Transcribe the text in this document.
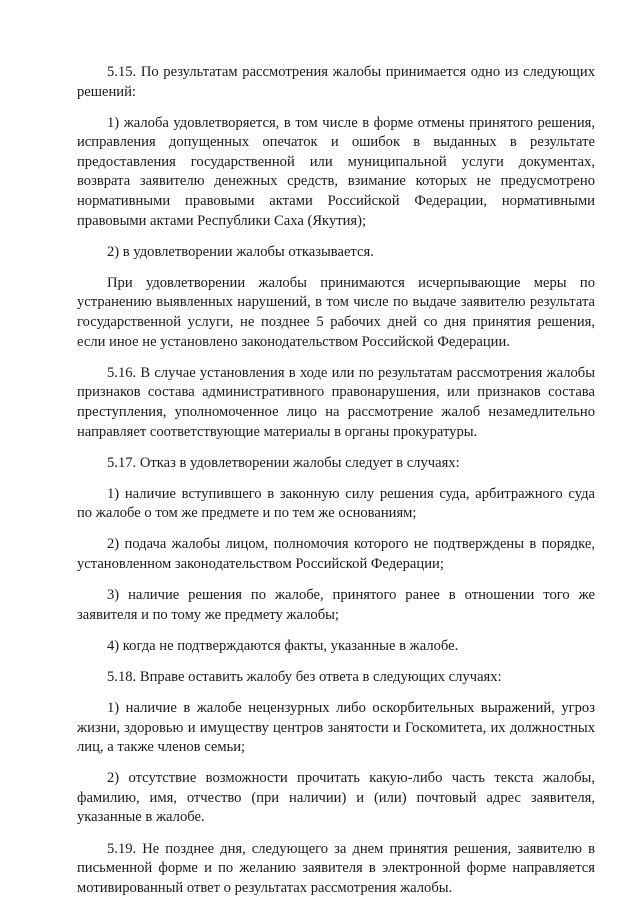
5.15. По результатам рассмотрения жалобы принимается одно из следующих решений:

1) жалоба удовлетворяется, в том числе в форме отмены принятого решения, исправления допущенных опечаток и ошибок в выданных в результате предоставления государственной или муниципальной услуги документах, возврата заявителю денежных средств, взимание которых не предусмотрено нормативными правовыми актами Российской Федерации, нормативными правовыми актами Республики Саха (Якутия);

2) в удовлетворении жалобы отказывается.

При удовлетворении жалобы принимаются исчерпывающие меры по устранению выявленных нарушений, в том числе по выдаче заявителю результата государственной услуги, не позднее 5 рабочих дней со дня принятия решения, если иное не установлено законодательством Российской Федерации.

5.16. В случае установления в ходе или по результатам рассмотрения жалобы признаков состава административного правонарушения, или признаков состава преступления, уполномоченное лицо на рассмотрение жалоб незамедлительно направляет соответствующие материалы в органы прокуратуры.

5.17. Отказ в удовлетворении жалобы следует в случаях:

1) наличие вступившего в законную силу решения суда, арбитражного суда по жалобе о том же предмете и по тем же основаниям;

2) подача жалобы лицом, полномочия которого не подтверждены в порядке, установленном законодательством Российской Федерации;

3) наличие решения по жалобе, принятого ранее в отношении того же заявителя и по тому же предмету жалобы;

4) когда не подтверждаются факты, указанные в жалобе.

5.18. Вправе оставить жалобу без ответа в следующих случаях:

1) наличие в жалобе нецензурных либо оскорбительных выражений, угроз жизни, здоровью и имуществу центров занятости и Госкомитета, их должностных лиц, а также членов семьи;

2) отсутствие возможности прочитать какую-либо часть текста жалобы, фамилию, имя, отчество (при наличии) и (или) почтовый адрес заявителя, указанные в жалобе.

5.19. Не позднее дня, следующего за днем принятия решения, заявителю в письменной форме и по желанию заявителя в электронной форме направляется мотивированный ответ о результатах рассмотрения жалобы.
